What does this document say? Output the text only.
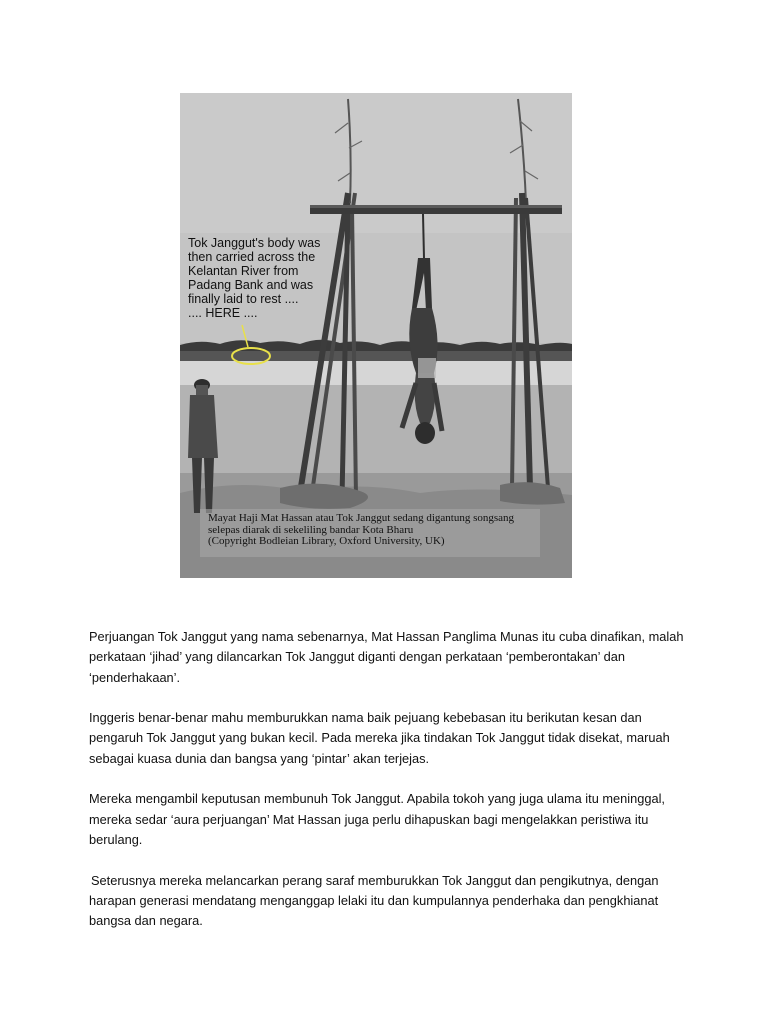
Tok Janggut's body was
then carried across the
Kelantan River from
Padang Bank and was
finally laid to rest ....
.... HERE ....
Mayat Haji Mat Hassan atau Tok Janggut sedang digantung songsang
selepas diarak di sekeliling bandar Kota Bharu
(Copyright Bodleian Library, Oxford University, UK)
Perjuangan Tok Janggut yang nama sebenarnya, Mat Hassan Panglima Munas itu cuba dinafikan, malah
perkataan ‘jihad’ yang dilancarkan Tok Janggut diganti dengan perkataan ‘pemberontakan’ dan
‘penderhakaan’.
Inggeris benar-benar mahu memburukkan nama baik pejuang kebebasan itu berikutan kesan dan
pengaruh Tok Janggut yang bukan kecil. Pada mereka jika tindakan Tok Janggut tidak disekat, maruah
sebagai kuasa dunia dan bangsa yang ‘pintar’ akan terjejas.
Mereka mengambil keputusan membunuh Tok Janggut. Apabila tokoh yang juga ulama itu meninggal,
mereka sedar ‘aura perjuangan’ Mat Hassan juga perlu dihapuskan bagi mengelakkan peristiwa itu
berulang.
Seterusnya mereka melancarkan perang saraf memburukkan Tok Janggut dan pengikutnya, dengan
harapan generasi mendatang menganggap lelaki itu dan kumpulannya penderhaka dan pengkhianat
bangsa dan negara.
